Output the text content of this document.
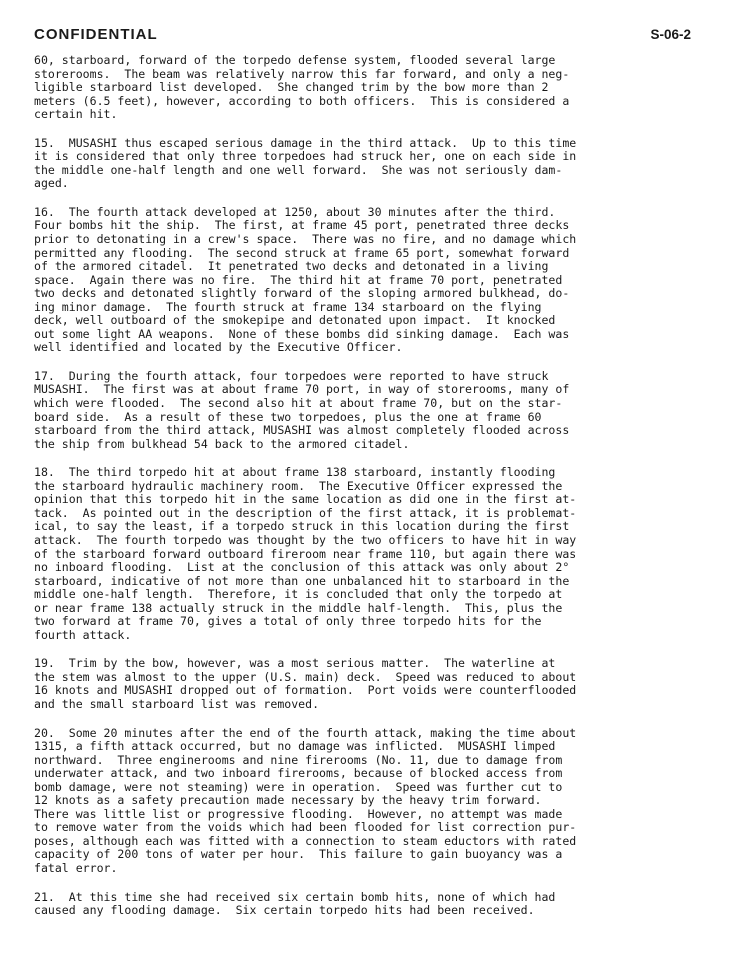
CONFIDENTIAL	S-06-2

60, starboard, forward of the torpedo defense system, flooded several large
storerooms.  The beam was relatively narrow this far forward, and only a neg-
ligible starboard list developed.  She changed trim by the bow more than 2
meters (6.5 feet), however, according to both officers.  This is considered a
certain hit.

15.  MUSASHI thus escaped serious damage in the third attack.  Up to this time
it is considered that only three torpedoes had struck her, one on each side in
the middle one-half length and one well forward.  She was not seriously dam-
aged.

16.  The fourth attack developed at 1250, about 30 minutes after the third.
Four bombs hit the ship.  The first, at frame 45 port, penetrated three decks
prior to detonating in a crew's space.  There was no fire, and no damage which
permitted any flooding.  The second struck at frame 65 port, somewhat forward
of the armored citadel.  It penetrated two decks and detonated in a living
space.  Again there was no fire.  The third hit at frame 70 port, penetrated
two decks and detonated slightly forward of the sloping armored bulkhead, do-
ing minor damage.  The fourth struck at frame 134 starboard on the flying
deck, well outboard of the smokepipe and detonated upon impact.  It knocked
out some light AA weapons.  None of these bombs did sinking damage.  Each was
well identified and located by the Executive Officer.

17.  During the fourth attack, four torpedoes were reported to have struck
MUSASHI.  The first was at about frame 70 port, in way of storerooms, many of
which were flooded.  The second also hit at about frame 70, but on the star-
board side.  As a result of these two torpedoes, plus the one at frame 60
starboard from the third attack, MUSASHI was almost completely flooded across
the ship from bulkhead 54 back to the armored citadel.

18.  The third torpedo hit at about frame 138 starboard, instantly flooding
the starboard hydraulic machinery room.  The Executive Officer expressed the
opinion that this torpedo hit in the same location as did one in the first at-
tack.  As pointed out in the description of the first attack, it is problemat-
ical, to say the least, if a torpedo struck in this location during the first
attack.  The fourth torpedo was thought by the two officers to have hit in way
of the starboard forward outboard fireroom near frame 110, but again there was
no inboard flooding.  List at the conclusion of this attack was only about 2°
starboard, indicative of not more than one unbalanced hit to starboard in the
middle one-half length.  Therefore, it is concluded that only the torpedo at
or near frame 138 actually struck in the middle half-length.  This, plus the
two forward at frame 70, gives a total of only three torpedo hits for the
fourth attack.

19.  Trim by the bow, however, was a most serious matter.  The waterline at
the stem was almost to the upper (U.S. main) deck.  Speed was reduced to about
16 knots and MUSASHI dropped out of formation.  Port voids were counterflooded
and the small starboard list was removed.

20.  Some 20 minutes after the end of the fourth attack, making the time about
1315, a fifth attack occurred, but no damage was inflicted.  MUSASHI limped
northward.  Three enginerooms and nine firerooms (No. 11, due to damage from
underwater attack, and two inboard firerooms, because of blocked access from
bomb damage, were not steaming) were in operation.  Speed was further cut to
12 knots as a safety precaution made necessary by the heavy trim forward.
There was little list or progressive flooding.  However, no attempt was made
to remove water from the voids which had been flooded for list correction pur-
poses, although each was fitted with a connection to steam eductors with rated
capacity of 200 tons of water per hour.  This failure to gain buoyancy was a
fatal error.

21.  At this time she had received six certain bomb hits, none of which had
caused any flooding damage.  Six certain torpedo hits had been received.
